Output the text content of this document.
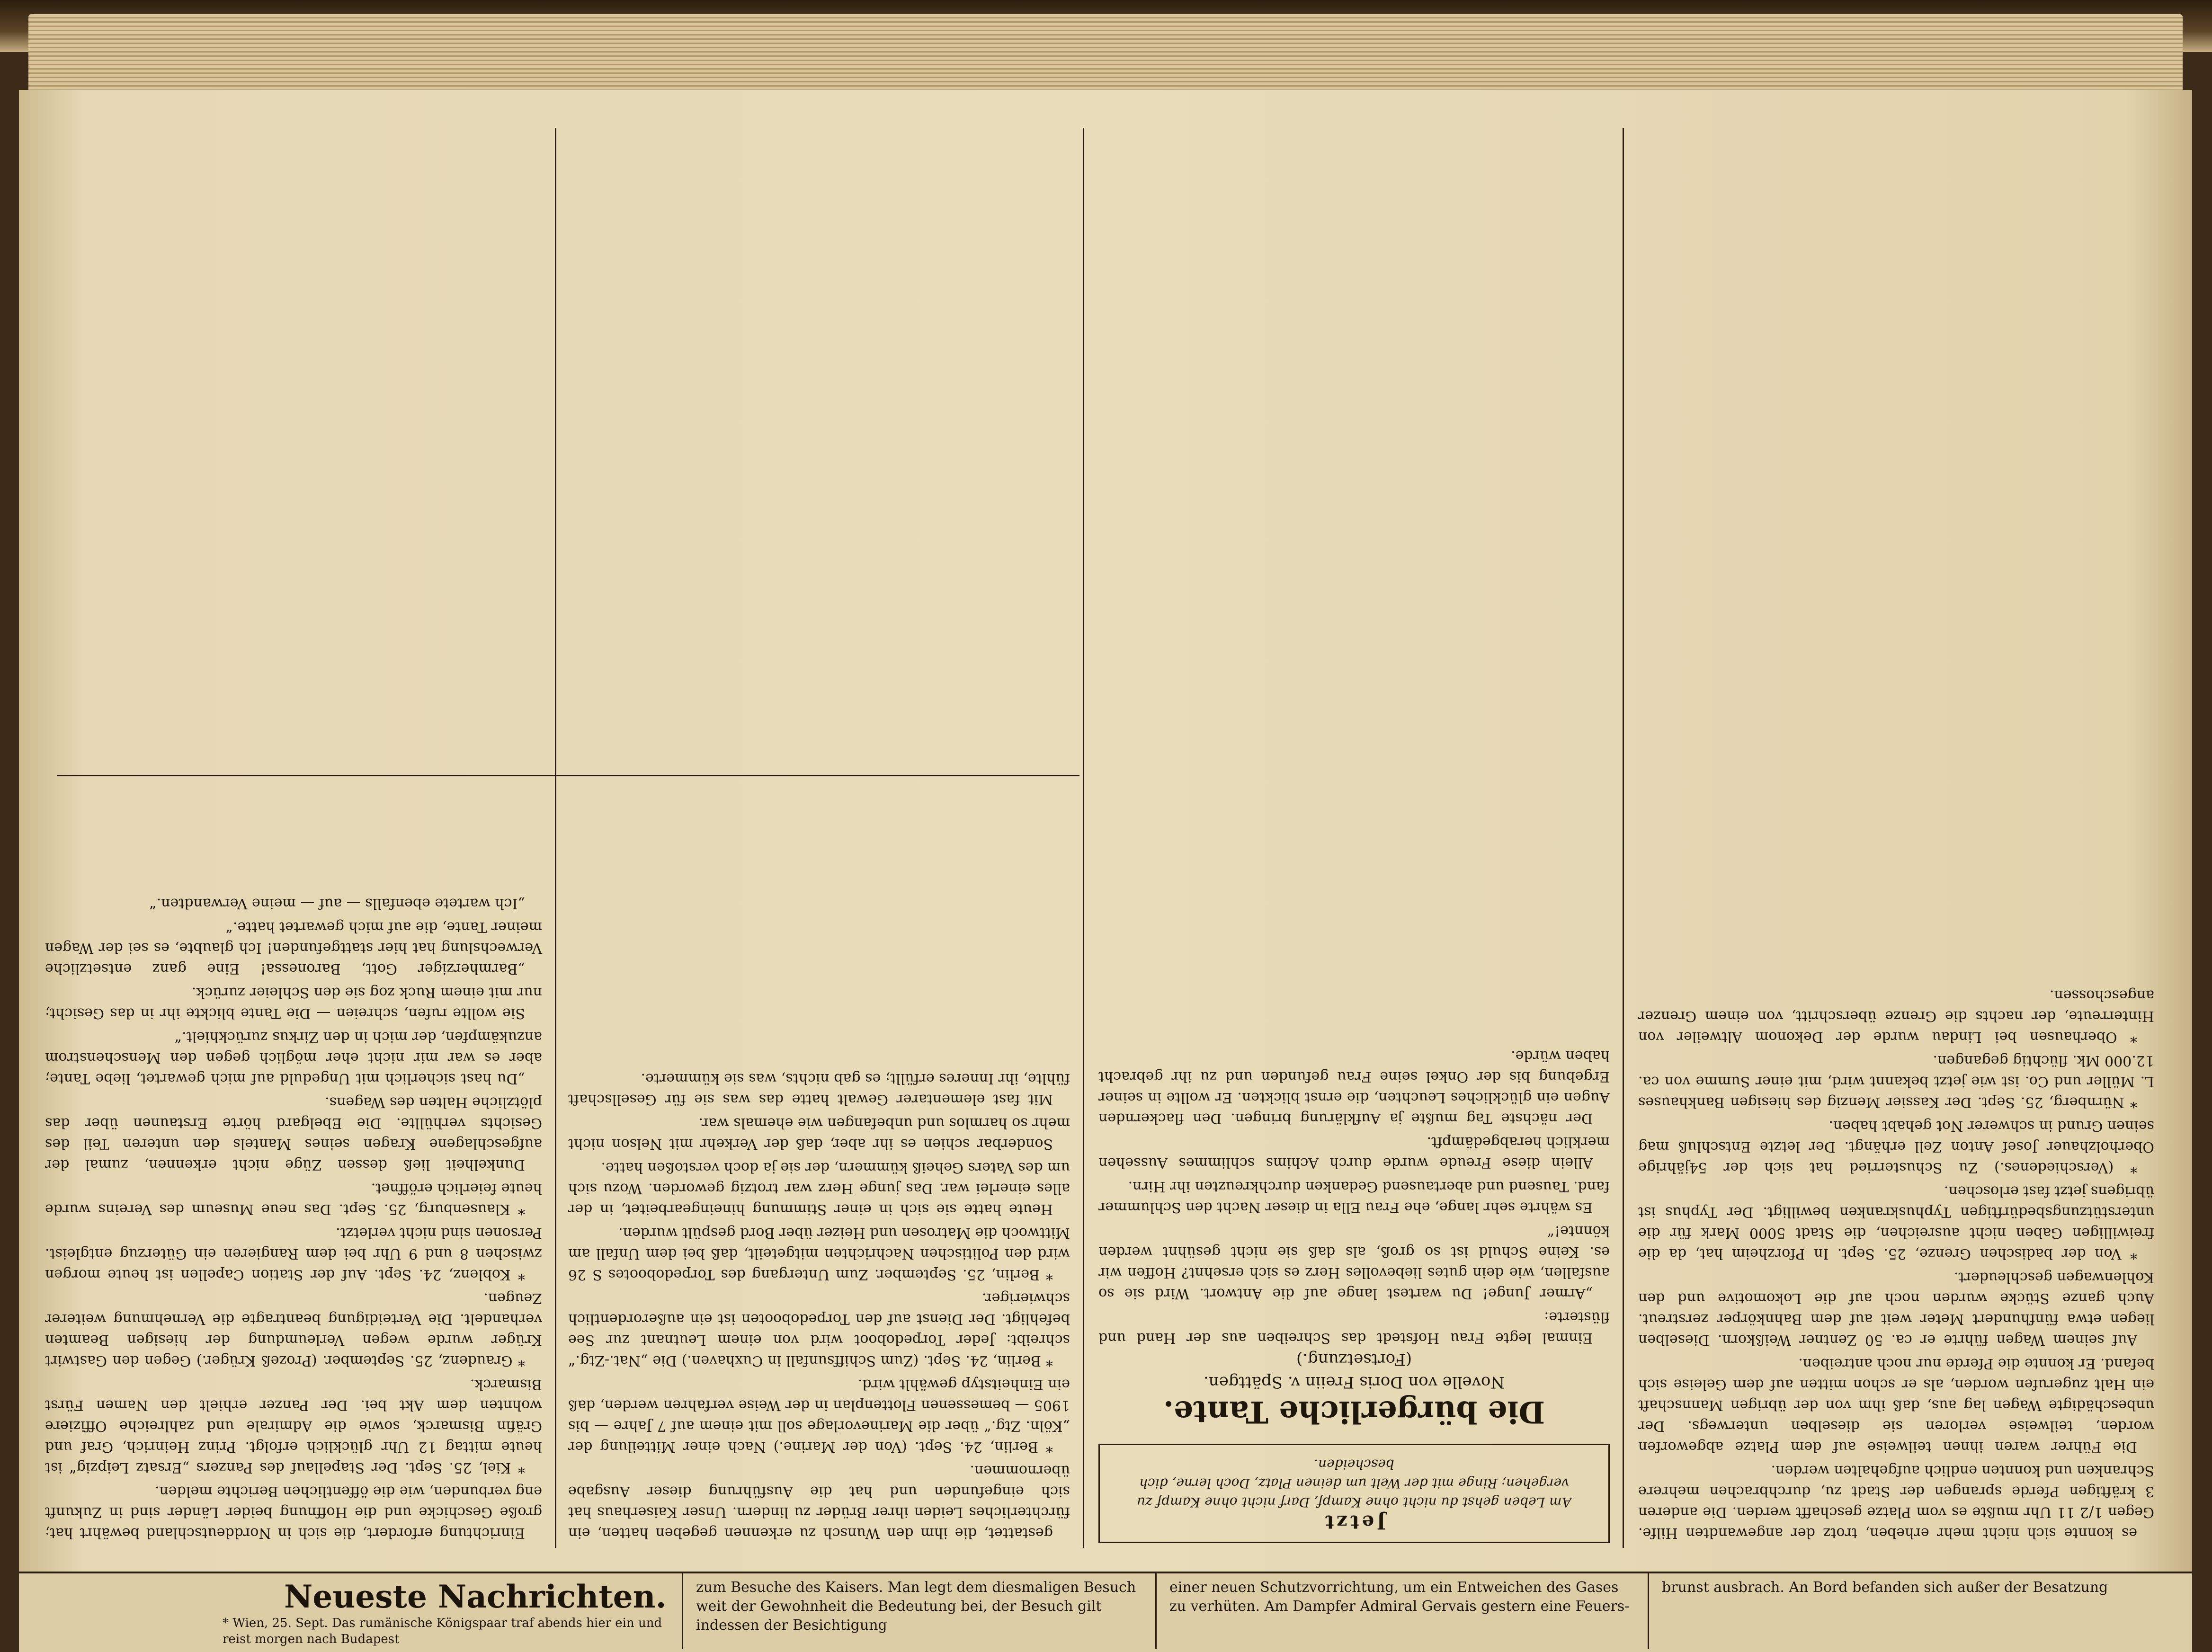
es konnte sich nicht mehr erheben, trotz der angewandten Hilfe. Gegen 1/2 11 Uhr mußte es vom Platze geschafft werden. Die anderen 3 kräftigen Pferde sprangen der Stadt zu, durchbrachen mehrere Schranken und konnten endlich aufgehalten werden.

Die Führer waren ihnen teilweise auf dem Platze abgeworfen worden, teilweise verloren sie dieselben unterwegs. Der unbeschädigte Wagen lag aus, daß ihm von der übrigen Mannschaft ein Halt zugerufen worden, als er schon mitten auf dem Geleise sich befand. Er konnte die Pferde nur noch antreiben.

Auf seinem Wagen führte er ca. 50 Zentner Weißkorn. Dieselben liegen etwa fünfhundert Meter weit auf dem Bahnkörper zerstreut. Auch ganze Stücke wurden noch auf die Lokomotive und den Kohlenwagen geschleudert.

* Von der badischen Grenze, 25. Sept. In Pforzheim hat, da die freiwilligen Gaben nicht ausreichen, die Stadt 5000 Mark für die unterstützungsbedürftigen Typhuskranken bewilligt. Der Typhus ist übrigens jetzt fast erloschen.

* (Verschiedenes.) Zu Schusterried hat sich der 54jährige Oberholzhauer Josef Anton Zell erhängt. Der letzte Entschluß mag seinen Grund in schwerer Not gehabt haben.

* Nürnberg, 25. Sept. Der Kassier Menzig des hiesigen Bankhauses L. Müller und Co. ist wie jetzt bekannt wird, mit einer Summe von ca. 12.000 Mk. flüchtig gegangen.

* Oberhausen bei Lindau wurde der Dekonom Altweiler von Hinterreute, der nachts die Grenze überschritt, von einem Grenzer angeschossen.

Jetzt
Am Leben gehst du nicht ohne Kampf, Darf nicht ohne Kampf zu vergehen; Ringe mit der Welt um deinen Platz, Doch lerne, dich bescheiden.
Die bürgerliche Tante.
Novelle von Doris Freiin v. Spättgen.
(Fortsetzung.)

Einmal legte Frau Hofstedt das Schreiben aus der Hand und flüsterte:

„Armer Junge! Du wartest lange auf die Antwort. Wird sie so ausfallen, wie dein gutes liebevolles Herz es sich ersehnt? Hoffen wir es. Keine Schuld ist so groß, als daß sie nicht gesühnt werden könnte!“

Es währte sehr lange, ehe Frau Ella in dieser Nacht den Schlummer fand. Tausend und abertausend Gedanken durchkreuzten ihr Hirn.

Allein diese Freude wurde durch Achims schlimmes Aussehen merklich herabgedämpft.

Der nächste Tag mußte ja Aufklärung bringen. Den flackernden Augen ein glückliches Leuchten, die ernst blickten. Er wollte in seiner Ergebung bis der Onkel seine Frau gefunden und zu ihr gebracht haben würde.

gestattet, die ihm den Wunsch zu erkennen gegeben hatten, ein fürchterliches Leiden ihrer Brüder zu lindern. Unser Kaiserhaus hat sich eingefunden und hat die Ausführung dieser Ausgabe übernommen.

* Berlin, 24. Sept. (Von der Marine.) Nach einer Mitteilung der „Köln. Ztg.“ über die Marinevorlage soll mit einem auf 7 Jahre — bis 1905 — bemessenen Flottenplan in der Weise verfahren werden, daß ein Einheitstyp gewählt wird.

* Berlin, 24. Sept. (Zum Schiffsunfall in Cuxhaven.) Die „Nat.-Ztg.“ schreibt: Jeder Torpedoboot wird von einem Leutnant zur See befehligt. Der Dienst auf den Torpedobooten ist ein außerordentlich schwieriger.

* Berlin, 25. September. Zum Untergang des Torpedobootes S 26 wird den Politischen Nachrichten mitgeteilt, daß bei dem Unfall am Mittwoch die Matrosen und Heizer über Bord gespült wurden.

Heute hatte sie sich in einer Stimmung hineingearbeitet, in der alles einerlei war. Das junge Herz war trotzig geworden. Wozu sich um des Vaters Geheiß kümmern, der sie ja doch verstoßen hatte.

Sonderbar schien es ihr aber, daß der Verkehr mit Nelson nicht mehr so harmlos und unbefangen wie ehemals war.

Mit fast elementarer Gewalt hatte das was sie für Gesellschaft fühlte, ihr Inneres erfüllt; es gab nichts, was sie kümmerte.

Einrichtung erfordert, die sich in Norddeutschland bewährt hat; große Geschicke und die Hoffnung beider Länder sind in Zukunft eng verbunden, wie die öffentlichen Berichte melden.

* Kiel, 25. Sept. Der Stapellauf des Panzers „Ersatz Leipzig“ ist heute mittag 12 Uhr glücklich erfolgt. Prinz Heinrich, Graf und Gräfin Bismarck, sowie die Admirale und zahlreiche Offiziere wohnten dem Akt bei. Der Panzer erhielt den Namen Fürst Bismarck.

* Graudenz, 25. September. (Prozeß Krüger.) Gegen den Gastwirt Krüger wurde wegen Verleumdung der hiesigen Beamten verhandelt. Die Verteidigung beantragte die Vernehmung weiterer Zeugen.

* Koblenz, 24. Sept. Auf der Station Capellen ist heute morgen zwischen 8 und 9 Uhr bei dem Rangieren ein Güterzug entgleist. Personen sind nicht verletzt.

* Klausenburg, 25. Sept. Das neue Museum des Vereins wurde heute feierlich eröffnet.

Dunkelheit ließ dessen Züge nicht erkennen, zumal der aufgeschlagene Kragen seines Mantels den unteren Teil des Gesichts verhüllte. Die Ebelgard hörte Erstaunen über das plötzliche Halten des Wagens.

„Du hast sicherlich mit Ungeduld auf mich gewartet, liebe Tante; aber es war mir nicht eher möglich gegen den Menschenstrom anzukämpfen, der mich in den Zirkus zurückhielt.“

Sie wollte rufen, schreien — Die Tante blickte ihr in das Gesicht; nur mit einem Ruck zog sie den Schleier zurück.

„Barmherziger Gott, Baronessa! Eine ganz entsetzliche Verwechslung hat hier stattgefunden! Ich glaubte, es sei der Wagen meiner Tante, die auf mich gewartet hatte.“

„Ich wartete ebenfalls — auf — meine Verwandten.“

Neueste Nachrichten.
* Wien, 25. Sept. Das rumänische Königspaar traf abends hier ein und reist morgen nach Budapest
zum Besuche des Kaisers. Man legt dem diesmaligen Besuch weit der Gewohnheit die Bedeutung bei, der Besuch gilt indessen der Besichtigung
einer neuen Schutzvorrichtung, um ein Entweichen des Gases zu verhüten. Am Dampfer Admiral Gervais gestern eine Feuers-
brunst ausbrach. An Bord befanden sich außer der Besatzung
